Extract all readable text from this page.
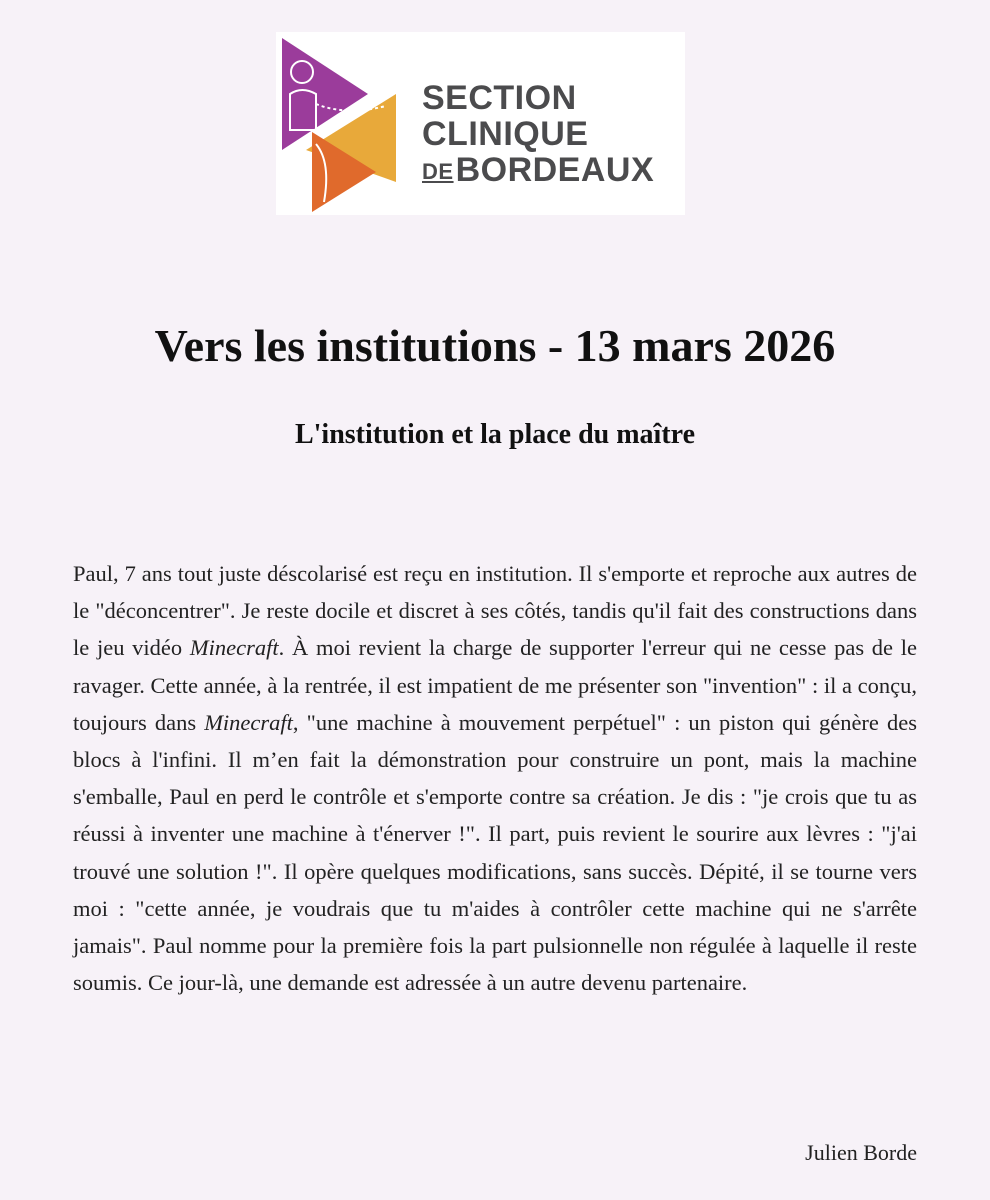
SECTION
CLINIQUE
$^{DE}$BORDEAUX
Vers les institutions - 13 mars 2026
L'institution et la place du maître

Paul, 7 ans tout juste déscolarisé est reçu en institution. Il s'emporte et reproche aux autres de le "déconcentrer". Je reste docile et discret à ses côtés, tandis qu'il fait des constructions dans le jeu vidéo Minecraft. À moi revient la charge de supporter l'erreur qui ne cesse pas de le ravager. Cette année, à la rentrée, il est impatient de me présenter son "invention" : il a conçu, toujours dans Minecraft, "une machine à mouvement perpétuel" : un piston qui génère des blocs à l'infini. Il m’en fait la démonstration pour construire un pont, mais la machine s'emballe, Paul en perd le contrôle et s'emporte contre sa création. Je dis : "je crois que tu as réussi à inventer une machine à t'énerver !". Il part, puis revient le sourire aux lèvres : "j'ai trouvé une solution !". Il opère quelques modifications, sans succès. Dépité, il se tourne vers moi : "cette année, je voudrais que tu m'aides à contrôler cette machine qui ne s'arrête jamais". Paul nomme pour la première fois la part pulsionnelle non régulée à laquelle il reste soumis. Ce jour-là, une demande est adressée à un autre devenu partenaire.

Julien Borde
